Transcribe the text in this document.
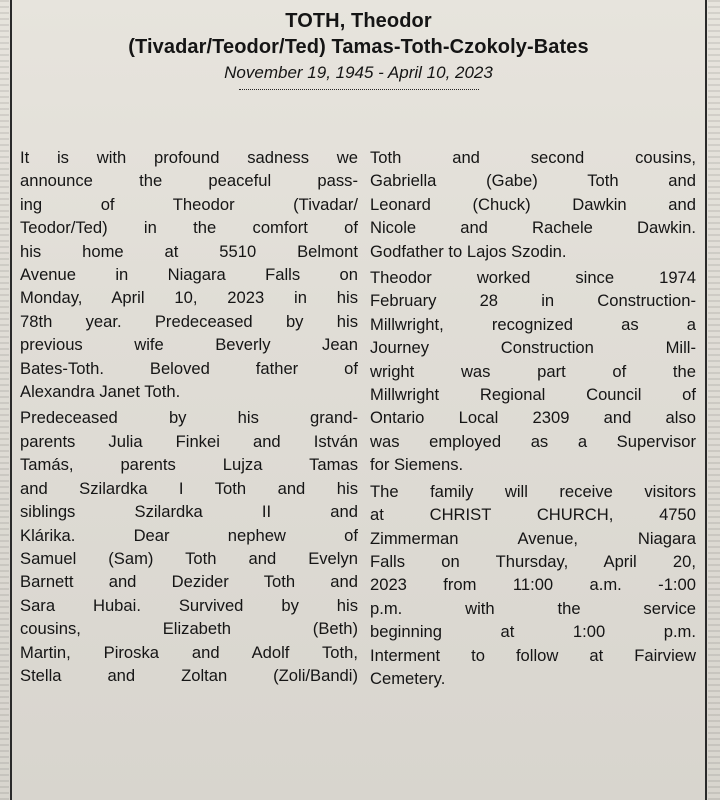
TOTH, Theodor
(Tivadar/Teodor/Ted) Tamas-Toth-Czokoly-Bates
November 19, 1945 - April 10, 2023

It is with profound sadness we
announce the peaceful pass-
ing of Theodor (Tivadar/
Teodor/Ted) in the comfort of
his home at 5510 Belmont
Avenue in Niagara Falls on
Monday, April 10, 2023 in his
78th year. Predeceased by his
previous wife Beverly Jean
Bates-Toth. Beloved father of
Alexandra Janet Toth.

Predeceased by his grand-
parents Julia Finkei and István
Tamás, parents Lujza Tamas
and Szilardka I Toth and his
siblings Szilardka II and
Klárika. Dear nephew of
Samuel (Sam) Toth and Evelyn
Barnett and Dezider Toth and
Sara Hubai. Survived by his
cousins, Elizabeth (Beth)
Martin, Piroska and Adolf Toth,
Stella and Zoltan (Zoli/Bandi)

Toth and second cousins,
Gabriella (Gabe) Toth and
Leonard (Chuck) Dawkin and
Nicole and Rachele Dawkin.
Godfather to Lajos Szodin.

Theodor worked since 1974
February 28 in Construction-
Millwright, recognized as a
Journey Construction Mill-
wright was part of the
Millwright Regional Council of
Ontario Local 2309 and also
was employed as a Supervisor
for Siemens.

The family will receive visitors
at CHRIST CHURCH, 4750
Zimmerman Avenue, Niagara
Falls on Thursday, April 20,
2023 from 11:00 a.m. -1:00
p.m. with the service
beginning at 1:00 p.m.
Interment to follow at Fairview
Cemetery.
